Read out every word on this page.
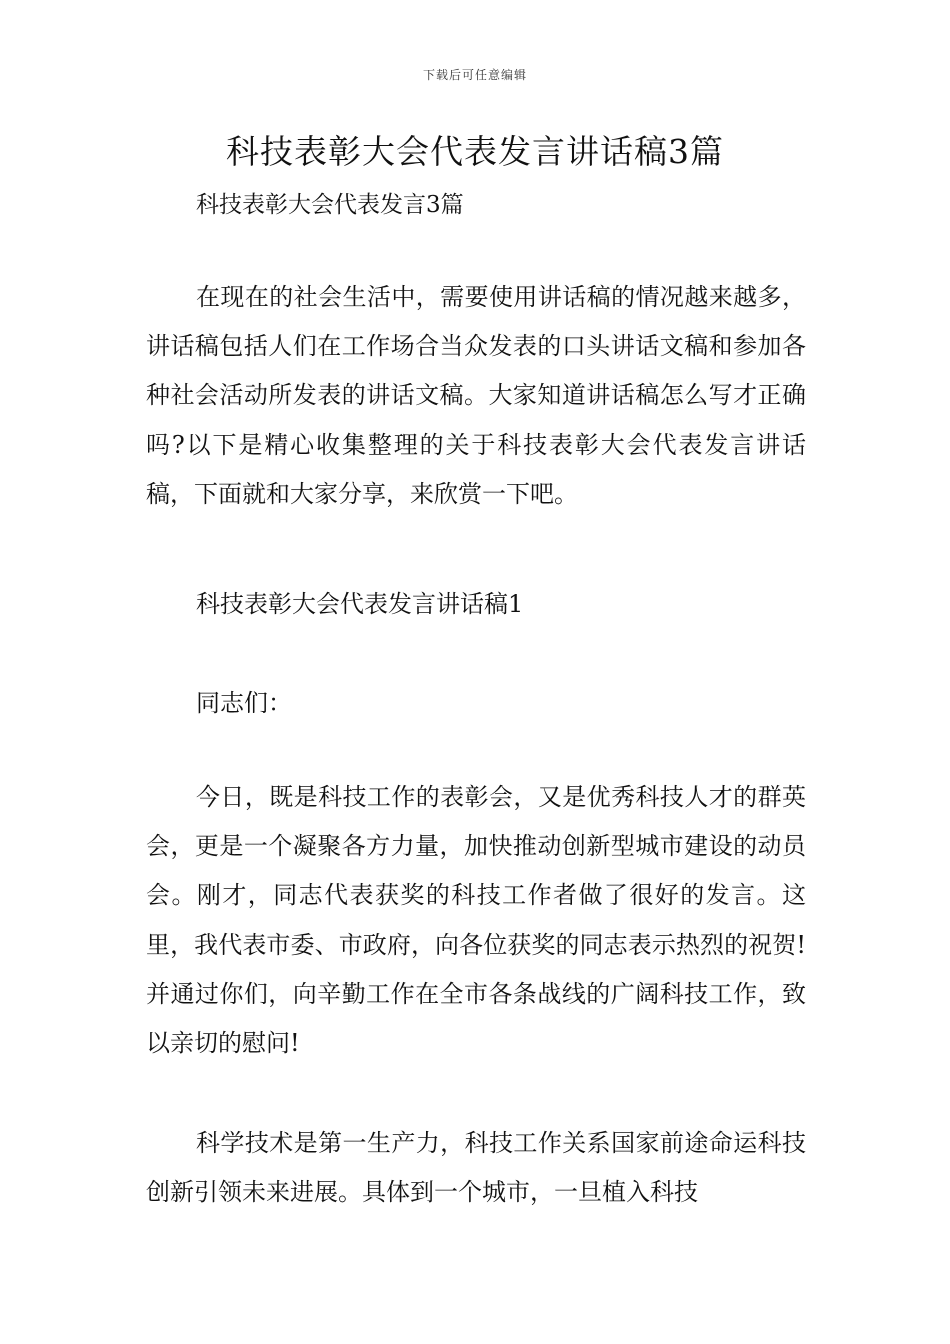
下载后可任意编辑
科技表彰大会代表发言讲话稿3篇

科技表彰大会代表发言3篇

在现在的社会生活中，需要使用讲话稿的情况越来越多，讲话稿包括人们在工作场合当众发表的口头讲话文稿和参加各种社会活动所发表的讲话文稿。大家知道讲话稿怎么写才正确吗?以下是精心收集整理的关于科技表彰大会代表发言讲话稿，下面就和大家分享，来欣赏一下吧。

科技表彰大会代表发言讲话稿1

同志们：

今日，既是科技工作的表彰会，又是优秀科技人才的群英会，更是一个凝聚各方力量，加快推动创新型城市建设的动员会。刚才，同志代表获奖的科技工作者做了很好的发言。这里，我代表市委、市政府，向各位获奖的同志表示热烈的祝贺!并通过你们，向辛勤工作在全市各条战线的广阔科技工作，致以亲切的慰问!

科学技术是第一生产力，科技工作关系国家前途命运科技创新引领未来进展。具体到一个城市，一旦植入科技
